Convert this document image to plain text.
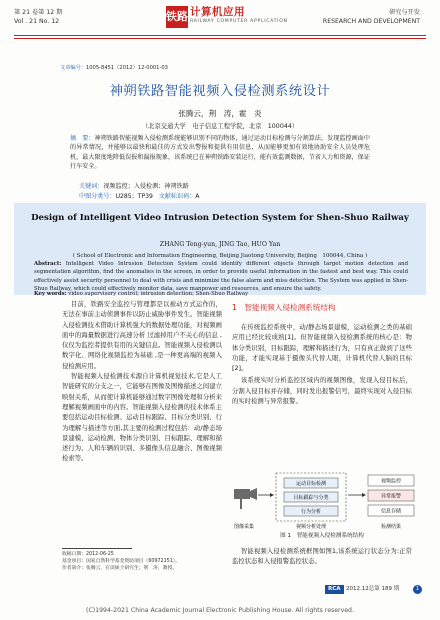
第 21 卷第 12 期
Vol . 21 No. 12	铁路 计算机应用
RAILWAY COMPUTER APPLICATION
研究与开发
RESEARCH AND DEVELOPMENT
文章编号：1005-8451（2012）12-0001-03
神朔铁路智能视频入侵检测系统设计
张腾云，荆　涛，霍　炎
（北京交通大学　电子信息工程学院，北京　100044）
摘　要：神朔铁路智能视频入侵检测系统能够识别不同的物体，通过运动目标检测与分割算法，发现监控画面中的异常情况，并能够以最快和最佳的方式发出警报和提供有用信息，从而能够更加有效地协助安全人员处理危机，最大限度地降低误报和漏报现象，该系统已在神朔铁路安装运行，能有效监测数据，节省人力和资源，保证行车安全。
关键词：视频监控；入侵检测；神朔铁路
中图分类号：U285；TP39 文献标识码：A
Design of Intelligent Video Intrusion Detection System for Shen-Shuo Railway
ZHANG Teng-yun, JING Tao, HUO Yan
( School of Electronic and Information Engineering, Beijing Jiaotong University, Beijing　100044, China )
Abstract: Intelligent Video Intrusion Detection System could identify different objects through target motion detection and segmentation algorithm, find the anomalies in the screen, in order to provide useful information in the fastest and best way. This could effectively assist security personnel to deal with crisis and minimize the false alarm and miss detection. The System was applied in Shen-Shuo Railway, which could effectively monitor data, save manpower and resources, and ensure the safety.
Key words: video supervisory control; intrusion detection; Shen-Shuo Railway

目前，铁路安全监控与管理都是以被动方式运作的，无法在事前主动侦测事件以防止威胁事件发生。智能视频入侵检测技术借助计算机强大的数据处理功能，对视频画面中的海量数据进行高速分析 过滤掉用户不关心的信息 ,仅仅为监控者提供有用的关键信息。智能视频入侵检测以数字化、网络化视频监控为基础 ,是一种更高端的视频入侵检测应用。

智能视频入侵检测技术源自计算机视觉技术,它是人工智能研究的分支之一，它能够在图像及图像描述之间建立映射关系，从而使计算机能够通过数字图像处理和分析来理解视频画面中的内容。智能视频入侵检测的技术体系主要包括运动目标检测、运动目标跟踪、目标分类识别、行为理解与描述等方面,其主要的检测过程包括：动/静态场景建模、运动检测、物体分类识别、目标跟踪、理解和描述行为、人和车辆的识别、多摄像头信息融合、图像视频检索等。

收稿日期：2012-06-25
基金项目：国家自然科学基金资助项目（60972151）。
作者简介：张腾云，在读硕士研究生；荆　涛，教授。
1　智能视频入侵检测系统结构
在传统监控系统中，动/静态场景建模，运动检测之类的基础应用已经比较成熟[1]。但智能视频入侵检测系统的核心是：物体分类识别，目标跟踪，理解和描述行为，只有真正做到了这些功能，才能实现基于摄像头代替人眼，计算机代替人脑的目标[2]。
该系统实时分析监控区域内的视频图像，发现入侵目标后，分割入侵目标并存储，同时发出报警信号，最终实现对入侵目标的实时检测与异常报警。
运动目标检测
目标跟踪与分类
行为分析
视频监控
异常报警
信息存储
图像采集	视频分析处理	检测结果
图 1　智能视频入侵检测系统结构
智能视频入侵检测系统框图如图1,该系统运行状态分为:正常监控状态和入侵报警监控状态。
RCA 2012.12总第 189 期	1
(C)1994-2021 China Academic Journal Electronic Publishing House. All rights reserved.
